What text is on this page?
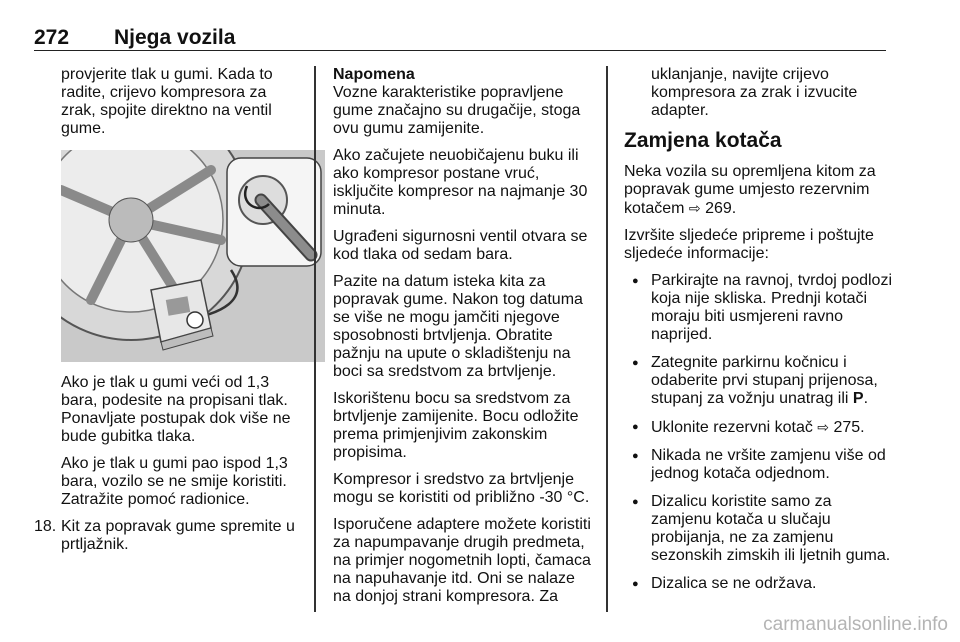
272 Njega vozila

provjerite tlak u gumi. Kada to radite, crijevo kompresora za zrak, spojite direktno na ventil gume.

Ako je tlak u gumi veći od 1,3 bara, podesite na propisani tlak. Ponavljate postupak dok više ne bude gubitka tlaka.

Ako je tlak u gumi pao ispod 1,3 bara, vozilo se ne smije koristiti. Zatražite pomoć radionice.

18. Kit za popravak gume spremite u prtljažnik.
Napomena
Vozne karakteristike popravljene gume značajno su drugačije, stoga ovu gumu zamijenite.

Ako začujete neuobičajenu buku ili ako kompresor postane vruć, isključite kompresor na najmanje 30 minuta.

Ugrađeni sigurnosni ventil otvara se kod tlaka od sedam bara.

Pazite na datum isteka kita za popravak gume. Nakon tog datuma se više ne mogu jamčiti njegove sposobnosti brtvljenja. Obratite pažnju na upute o skladištenju na boci sa sredstvom za brtvljenje.

Iskorištenu bocu sa sredstvom za brtvljenje zamijenite. Bocu odložite prema primjenjivim zakonskim propisima.

Kompresor i sredstvo za brtvljenje mogu se koristiti od približno -30 °C.

Isporučene adaptere možete koristiti za napumpavanje drugih predmeta, na primjer nogometnih lopti, čamaca na napuhavanje itd. Oni se nalaze na donjoj strani kompresora. Za

uklanjanje, navijte crijevo kompresora za zrak i izvucite adapter.

Zamjena kotača

Neka vozila su opremljena kitom za popravak gume umjesto rezervnim kotačem ⇨ 269.

Izvršite sljedeće pripreme i poštujte sljedeće informacije:

● Parkirajte na ravnoj, tvrdoj podlozi koja nije skliska. Prednji kotači moraju biti usmjereni ravno naprijed.
● Zategnite parkirnu kočnicu i odaberite prvi stupanj prijenosa, stupanj za vožnju unatrag ili P.
● Uklonite rezervni kotač ⇨ 275.
● Nikada ne vršite zamjenu više od jednog kotača odjednom.
● Dizalicu koristite samo za zamjenu kotača u slučaju probijanja, ne za zamjenu sezonskih zimskih ili ljetnih guma.
● Dizalica se ne održava.
carmanualsonline.info
